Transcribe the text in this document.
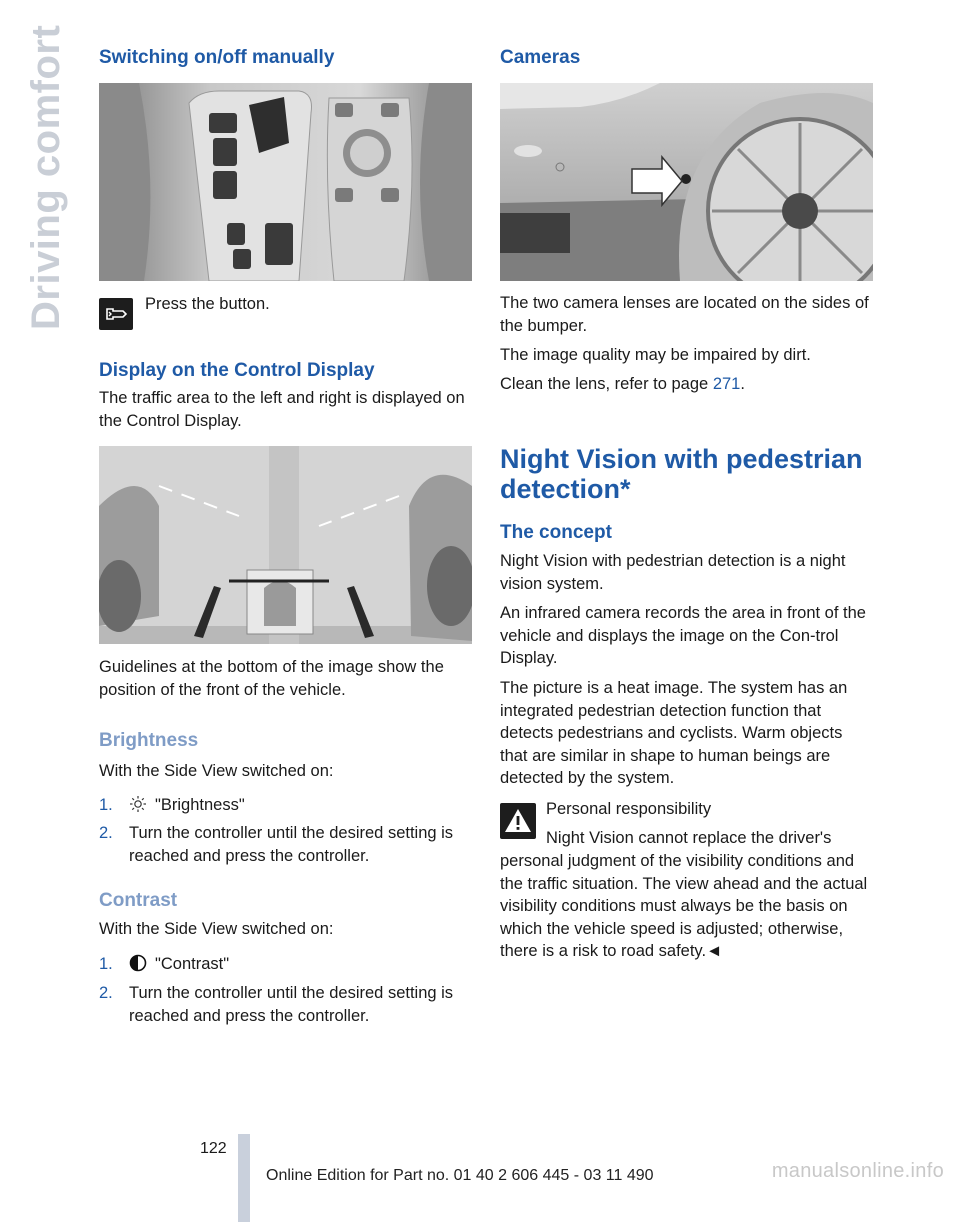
Driving comfort Switching on/off manually

Press the button.

Display on the Control Display

The traffic area to the left and right is displayed on the Control Display.

Guidelines at the bottom of the image show the position of the front of the vehicle.

Brightness

With the Side View switched on:

1.	"Brightness"
2. Turn the controller until the desired setting is reached and press the controller.
Contrast

With the Side View switched on:

1.	"Contrast"
2. Turn the controller until the desired setting is reached and press the controller.
Cameras

The two camera lenses are located on the sides of the bumper.

The image quality may be impaired by dirt.

Clean the lens, refer to page 271.

Night Vision with pedestrian detection*
The concept

Night Vision with pedestrian detection is a night vision system.

An infrared camera records the area in front of the vehicle and displays the image on the Con-trol Display.

The picture is a heat image. The system has an integrated pedestrian detection function that detects pedestrians and cyclists. Warm objects that are similar in shape to human beings are detected by the system.

Personal responsibility

Night Vision cannot replace the driver's

personal judgment of the visibility conditions and the traffic situation. The view ahead and the actual visibility conditions must always be the basis on which the vehicle speed is adjusted; otherwise, there is a risk to road safety.◄

122
Online Edition for Part no. 01 40 2 606 445 - 03 11 490	manualsonline.info
